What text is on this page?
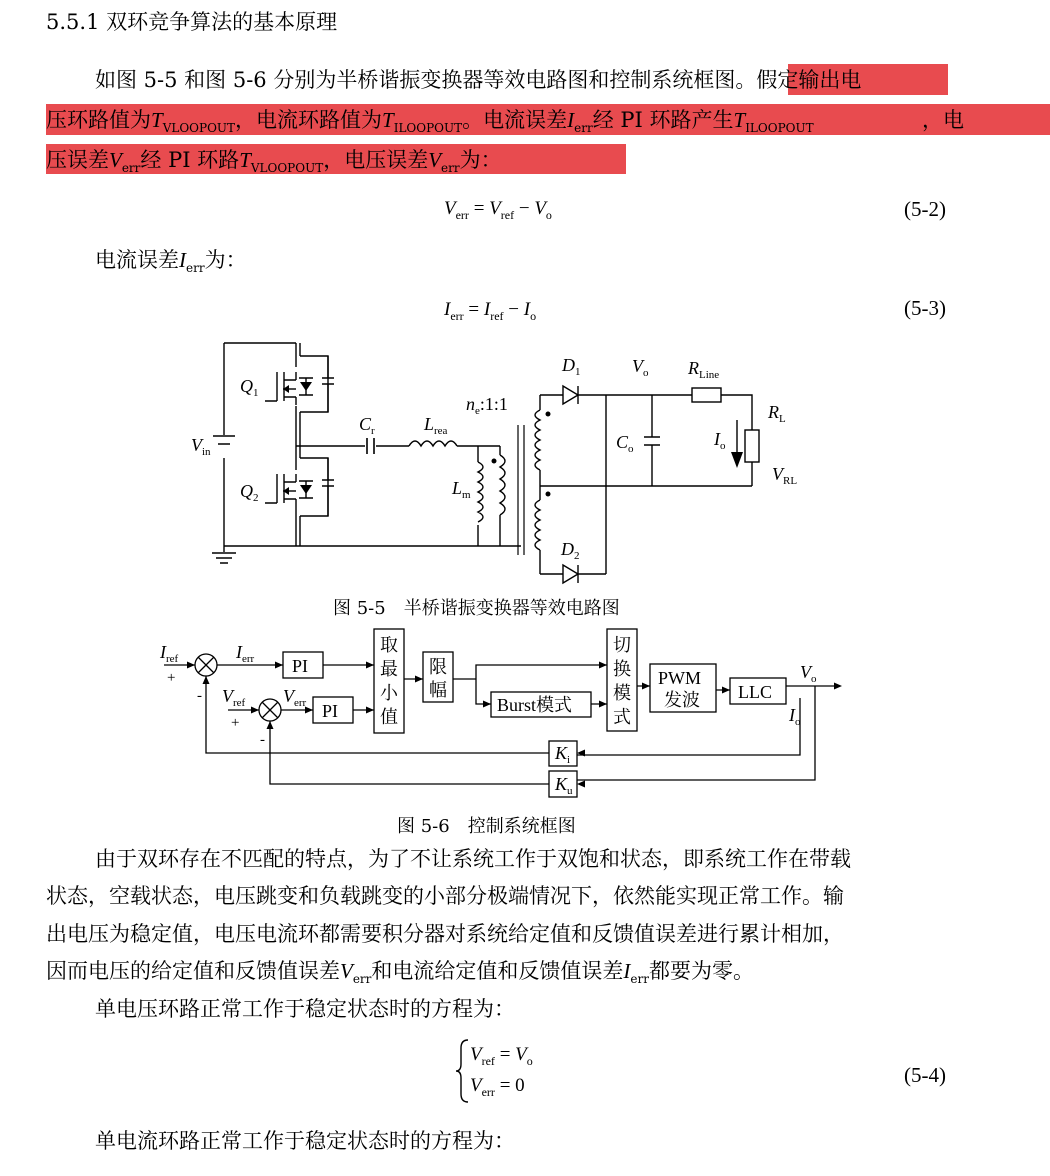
5.5.1 双环竞争算法的基本原理
如图 5-5 和图 5-6 分别为半桥谐振变换器等效电路图和控制系统框图。假定输出电
压环路值为$T_{VLOOPOUT}$，电流环路值为$T_{ILOOPOUT}$。电流误差$I_{err}$经 PI 环路产生$T_{ILOOPOUT}$	，电
压误差$V_{err}$经 PI 环路$T_{VLOOPOUT}$，电压误差$V_{err}$为：
$V_{err} = V_{ref} - V_o$	(5-2)
电流误差$I_{err}$为：
$I_{err} = I_{ref} - I_o$	(5-3)
$Q_1$
$Q_2$
$V_{in}$
$C_r$	$L_{rea}$
$L_m$
$n_e:1:1$
$D_1$
$D_2$
$V_o$
$C_o$
$R_{Line}$
$I_o$
$R_L$
$V_{RL}$
图 5-5　半桥谐振变换器等效电路图
$I_{ref}$
+
$I_{err}$ PI
PI
$V_{ref}$
+
$V_{err}$
-
-
取
最
小
值
限
幅
Burst模式
切
换
模
式
PWM
发波 LLC
$V_o$
$I_o$
$K_i$
$K_u$
图 5-6　控制系统框图
由于双环存在不匹配的特点，为了不让系统工作于双饱和状态，即系统工作在带载
状态，空载状态，电压跳变和负载跳变的小部分极端情况下，依然能实现正常工作。输
出电压为稳定值，电压电流环都需要积分器对系统给定值和反馈值误差进行累计相加，
因而电压的给定值和反馈值误差$V_{err}$和电流给定值和反馈值误差$I_{err}$都要为零。
单电压环路正常工作于稳定状态时的方程为：
$V_{ref} = V_o$
$V_{err} = 0$	(5-4)
单电流环路正常工作于稳定状态时的方程为：
